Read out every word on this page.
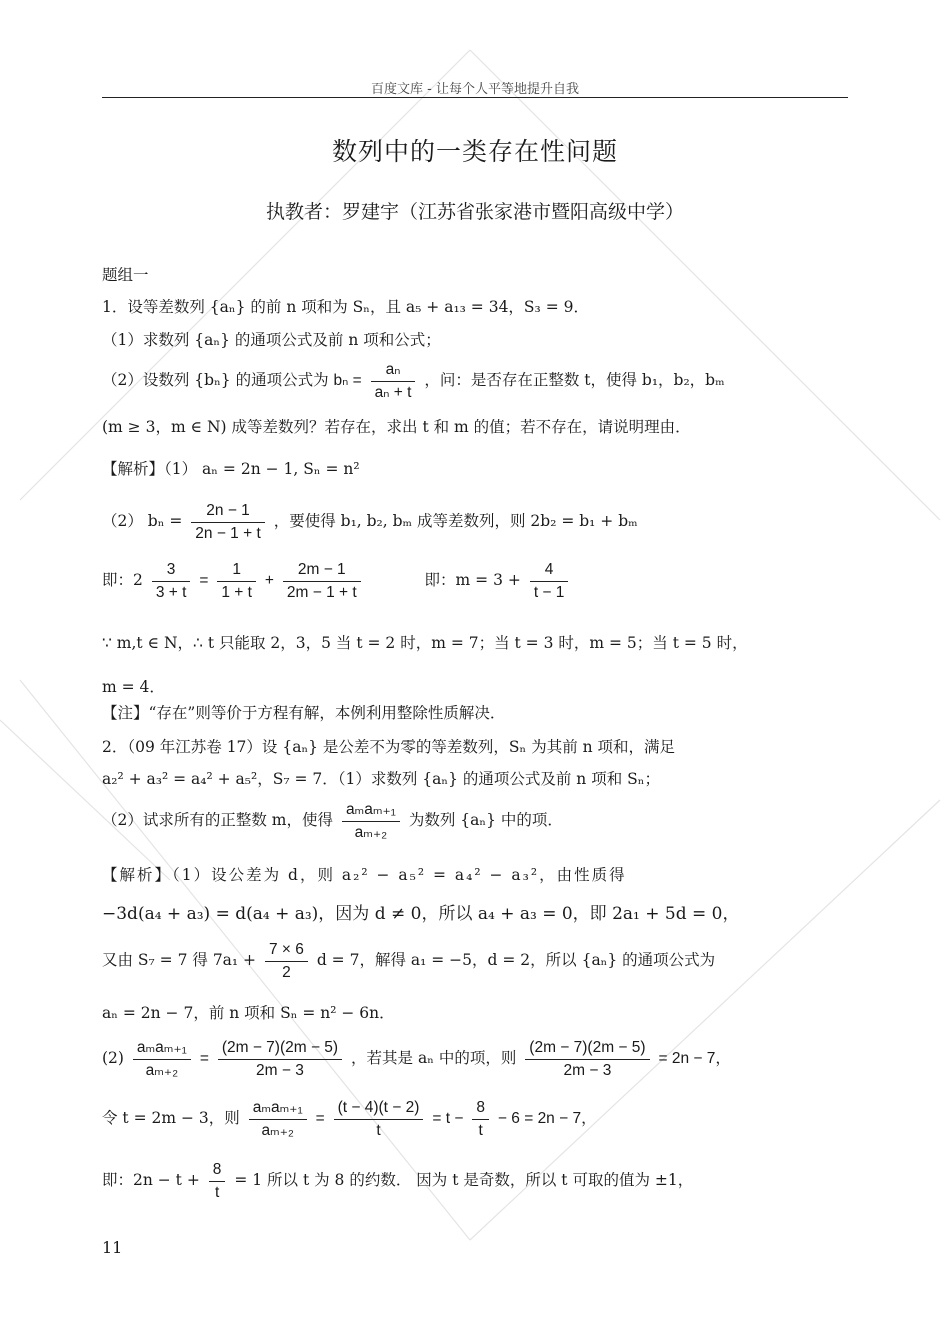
百度文库 - 让每个人平等地提升自我
数列中的一类存在性问题
执教者：罗建宇（江苏省张家港市暨阳高级中学）
题组一
1．设等差数列 {aₙ} 的前 n 项和为 Sₙ，且 a₅ + a₁₃ = 34，S₃ = 9．
（1）求数列 {aₙ} 的通项公式及前 n 项和公式；
（2）设数列 {bₙ} 的通项公式为 $b_n = \frac{\text{aₙ}}{\text{aₙ + t}}$ ，问：是否存在正整数 t，使得 b₁，b₂，bₘ
(m ≥ 3，m ∈ N) 成等差数列？若存在，求出 t 和 m 的值；若不存在，请说明理由．
【解析】（1） aₙ = 2n − 1, Sₙ = n²
（2） $b_n = \frac{2n - 1}{2n - 1 + t}$ ，要使得 b₁, b₂, bₘ 成等差数列，则 2b₂ = b₁ + bₘ
即：$2 \frac{3}{3 + t} = \frac{1}{1 + t} + \frac{2m - 1}{2m - 1 + t}$	即：$m = 3 + \frac{4}{t - 1}$
∵ m,t ∈ N，∴ t 只能取 2，3，5 当 t = 2 时，m = 7；当 t = 3 时，m = 5；当 t = 5 时，
m = 4．
【注】“存在”则等价于方程有解，本例利用整除性质解决．
2．（09 年江苏卷 17）设 {aₙ} 是公差不为零的等差数列，Sₙ 为其前 n 项和，满足
a₂² + a₃² = a₄² + a₅²，S₇ = 7．（1）求数列 {aₙ} 的通项公式及前 n 项和 Sₙ；
（2）试求所有的正整数 m，使得
aₘaₘ₊₁
aₘ₊₂
为数列 {aₙ} 中的项．
【解析】（1）设公差为 d，则 a₂² − a₅² = a₄² − a₃²，由性质得
−3d(a₄ + a₃) = d(a₄ + a₃)，因为 d ≠ 0，所以 a₄ + a₃ = 0，即 2a₁ + 5d = 0，
又由 S₇ = 7 得 $7a_1 + \frac{7 \times 6}{2}$ d = 7，解得 a₁ = −5，d = 2，所以 {aₙ} 的通项公式为
aₙ = 2n − 7，前 n 项和 Sₙ = n² − 6n．
(2)
aₘaₘ₊₁
aₘ₊₂
= $\frac{(2m - 7)(2m - 5)}{2m - 3}$ ，若其是 aₙ 中的项，则 $\frac{(2m - 7)(2m - 5)}{2m - 3} = 2n - 7$，
令 t = 2m − 3，则
aₘaₘ₊₁
aₘ₊₂
= $\frac{(t - 4)(t - 2)}{t} = t - \frac{8}{t} - 6 = 2n - 7$，
即：$2n - t + \frac{8}{t} = 1$ 所以 t 为 8 的约数． 因为 t 是奇数，所以 t 可取的值为 ±1，
11
